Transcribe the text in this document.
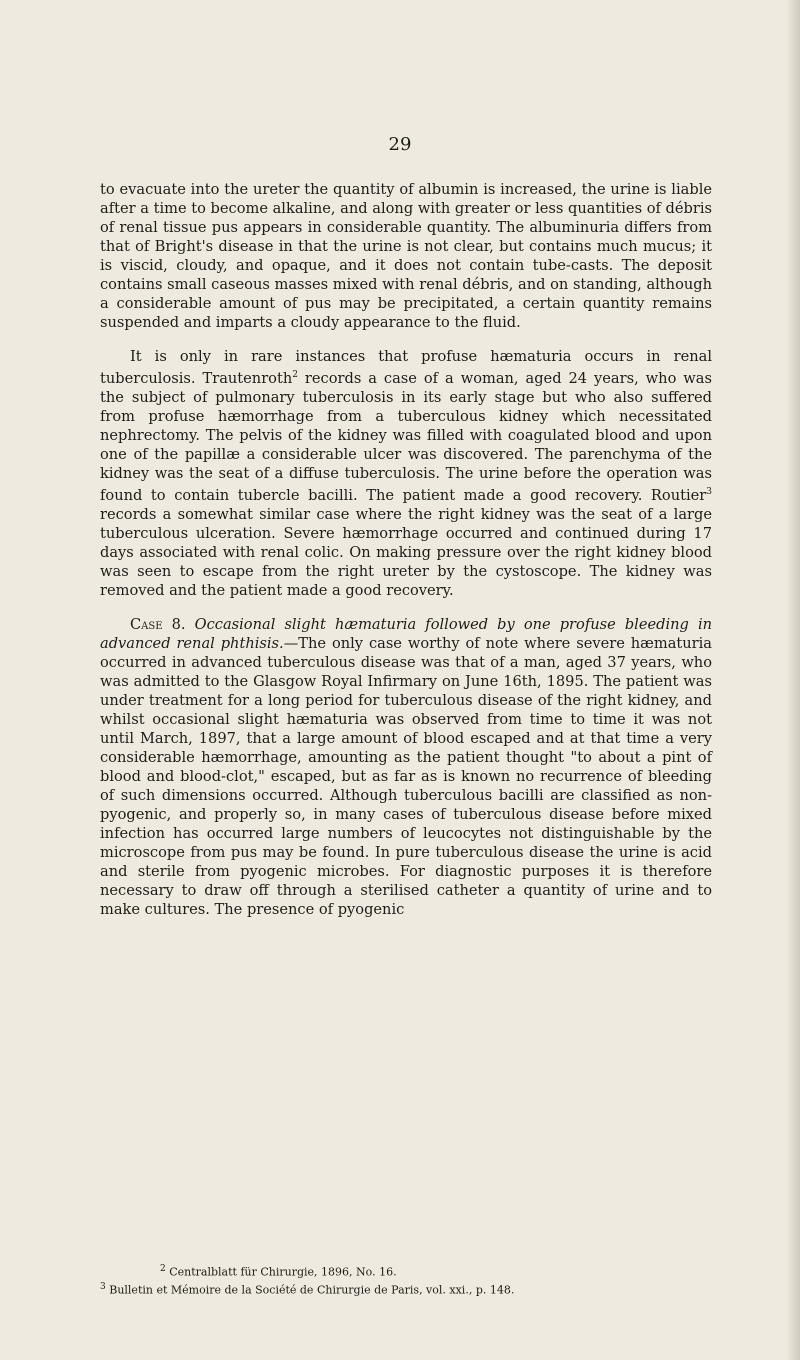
29

to evacuate into the ureter the quantity of albumin is increased, the urine is liable after a time to become alkaline, and along with greater or less quantities of débris of renal tissue pus appears in considerable quantity. The albuminuria differs from that of Bright's disease in that the urine is not clear, but contains much mucus; it is viscid, cloudy, and opaque, and it does not contain tube-casts. The deposit contains small caseous masses mixed with renal débris, and on standing, although a considerable amount of pus may be precipitated, a certain quantity remains suspended and imparts a cloudy appearance to the fluid.

It is only in rare instances that profuse hæmaturia occurs in renal tuberculosis. Trautenroth$^2$ records a case of a woman, aged 24 years, who was the subject of pulmonary tuberculosis in its early stage but who also suffered from profuse hæmorrhage from a tuberculous kidney which necessitated nephrectomy. The pelvis of the kidney was filled with coagulated blood and upon one of the papillæ a considerable ulcer was discovered. The parenchyma of the kidney was the seat of a diffuse tuberculosis. The urine before the operation was found to contain tubercle bacilli. The patient made a good recovery. Routier$^3$ records a somewhat similar case where the right kidney was the seat of a large tuberculous ulceration. Severe hæmorrhage occurred and continued during 17 days associated with renal colic. On making pressure over the right kidney blood was seen to escape from the right ureter by the cystoscope. The kidney was removed and the patient made a good recovery.

Case 8. Occasional slight hæmaturia followed by one profuse bleeding in advanced renal phthisis.—The only case worthy of note where severe hæmaturia occurred in advanced tuberculous disease was that of a man, aged 37 years, who was admitted to the Glasgow Royal Infirmary on June 16th, 1895. The patient was under treatment for a long period for tuberculous disease of the right kidney, and whilst occasional slight hæmaturia was observed from time to time it was not until March, 1897, that a large amount of blood escaped and at that time a very considerable hæmorrhage, amounting as the patient thought "to about a pint of blood and blood-clot," escaped, but as far as is known no recurrence of bleeding of such dimensions occurred. Although tuberculous bacilli are classified as non-pyogenic, and properly so, in many cases of tuberculous disease before mixed infection has occurred large numbers of leucocytes not distinguishable by the microscope from pus may be found. In pure tuberculous disease the urine is acid and sterile from pyogenic microbes. For diagnostic purposes it is therefore necessary to draw off through a sterilised catheter a quantity of urine and to make cultures. The presence of pyogenic

$^2$ Centralblatt für Chirurgie, 1896, No. 16.

$^3$ Bulletin et Mémoire de la Société de Chirurgie de Paris, vol. xxi., p. 148.
